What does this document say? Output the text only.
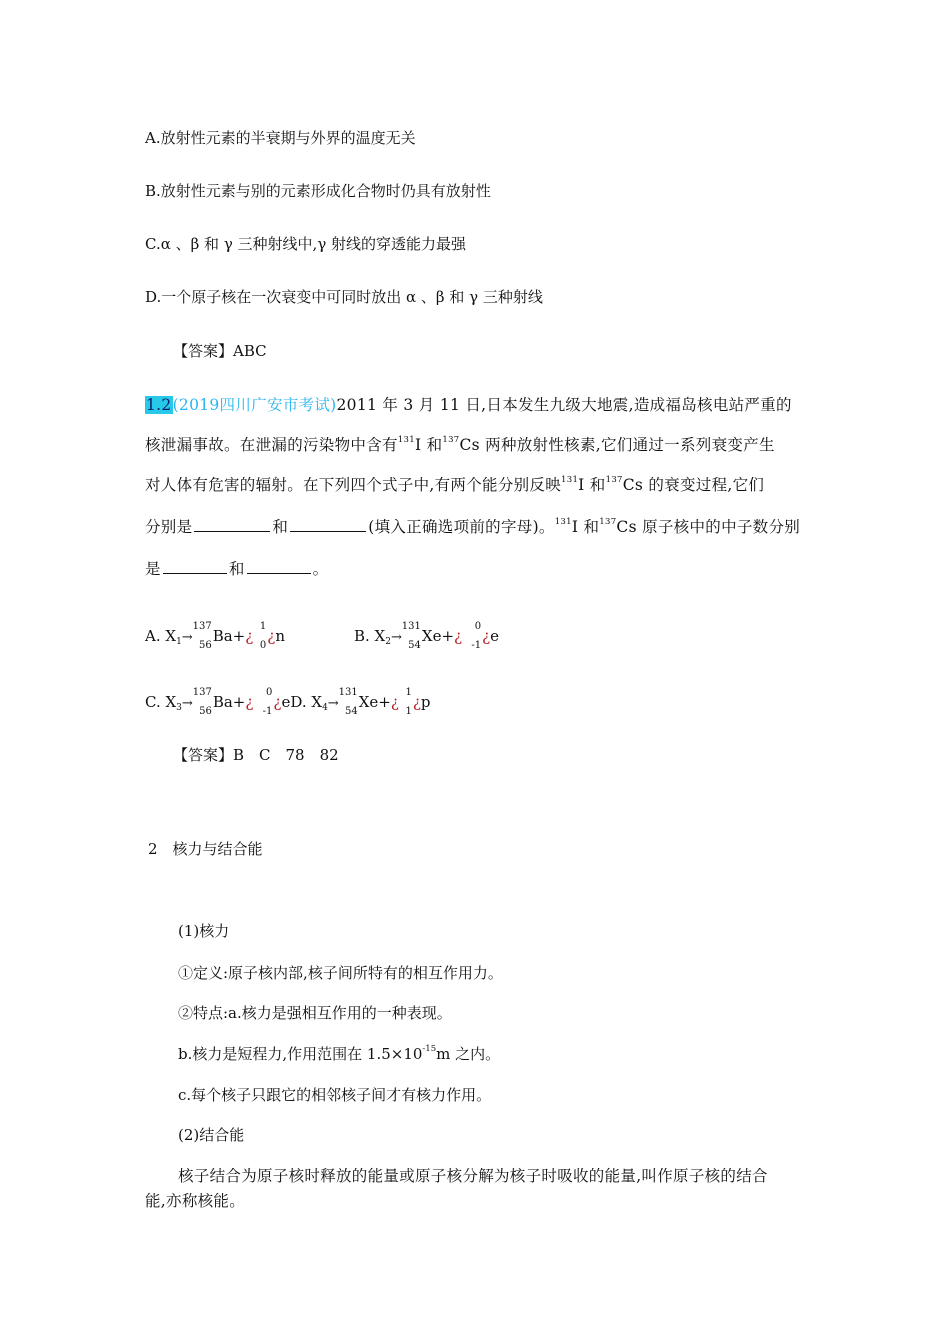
A.放射性元素的半衰期与外界的温度无关
B.放射性元素与别的元素形成化合物时仍具有放射性
C.α 、β 和 γ 三种射线中,γ 射线的穿透能力最强
D.一个原子核在一次衰变中可同时放出 α 、β 和 γ 三种射线
【答案】ABC
1.2(2019四川广安市考试)2011 年 3 月 11 日,日本发生九级大地震,造成福岛核电站严重的
核泄漏事故。在泄漏的污染物中含有$^{131}$I 和$^{137}$Cs 两种放射性核素,它们通过一系列衰变产生
对人体有危害的辐射。在下列四个式子中,有两个能分别反映$^{131}$I 和$^{137}$Cs 的衰变过程,它们
分别是	和	(填入正确选项前的字母)。$^{131}$I 和$^{137}$Cs 原子核中的中子数分别
是	和	。
A. $X_1\to$
137
56
Ba+¿
1
0
¿n	B. $X_2\to$
131
54
Xe+¿
0
-1
¿e
C. $X_3\to$
137
56
Ba+¿
0
-1
¿eD. $X_4\to$
131
54
Xe+¿
1
1
¿p
【答案】B　C　78　82
2　核力与结合能
(1)核力
①定义:原子核内部,核子间所特有的相互作用力。
②特点:a.核力是强相互作用的一种表现。
b.核力是短程力,作用范围在 $1.5\times 10^{-15}m$ 之内。
c.每个核子只跟它的相邻核子间才有核力作用。
(2)结合能
核子结合为原子核时释放的能量或原子核分解为核子时吸收的能量,叫作原子核的结合
能,亦称核能。
